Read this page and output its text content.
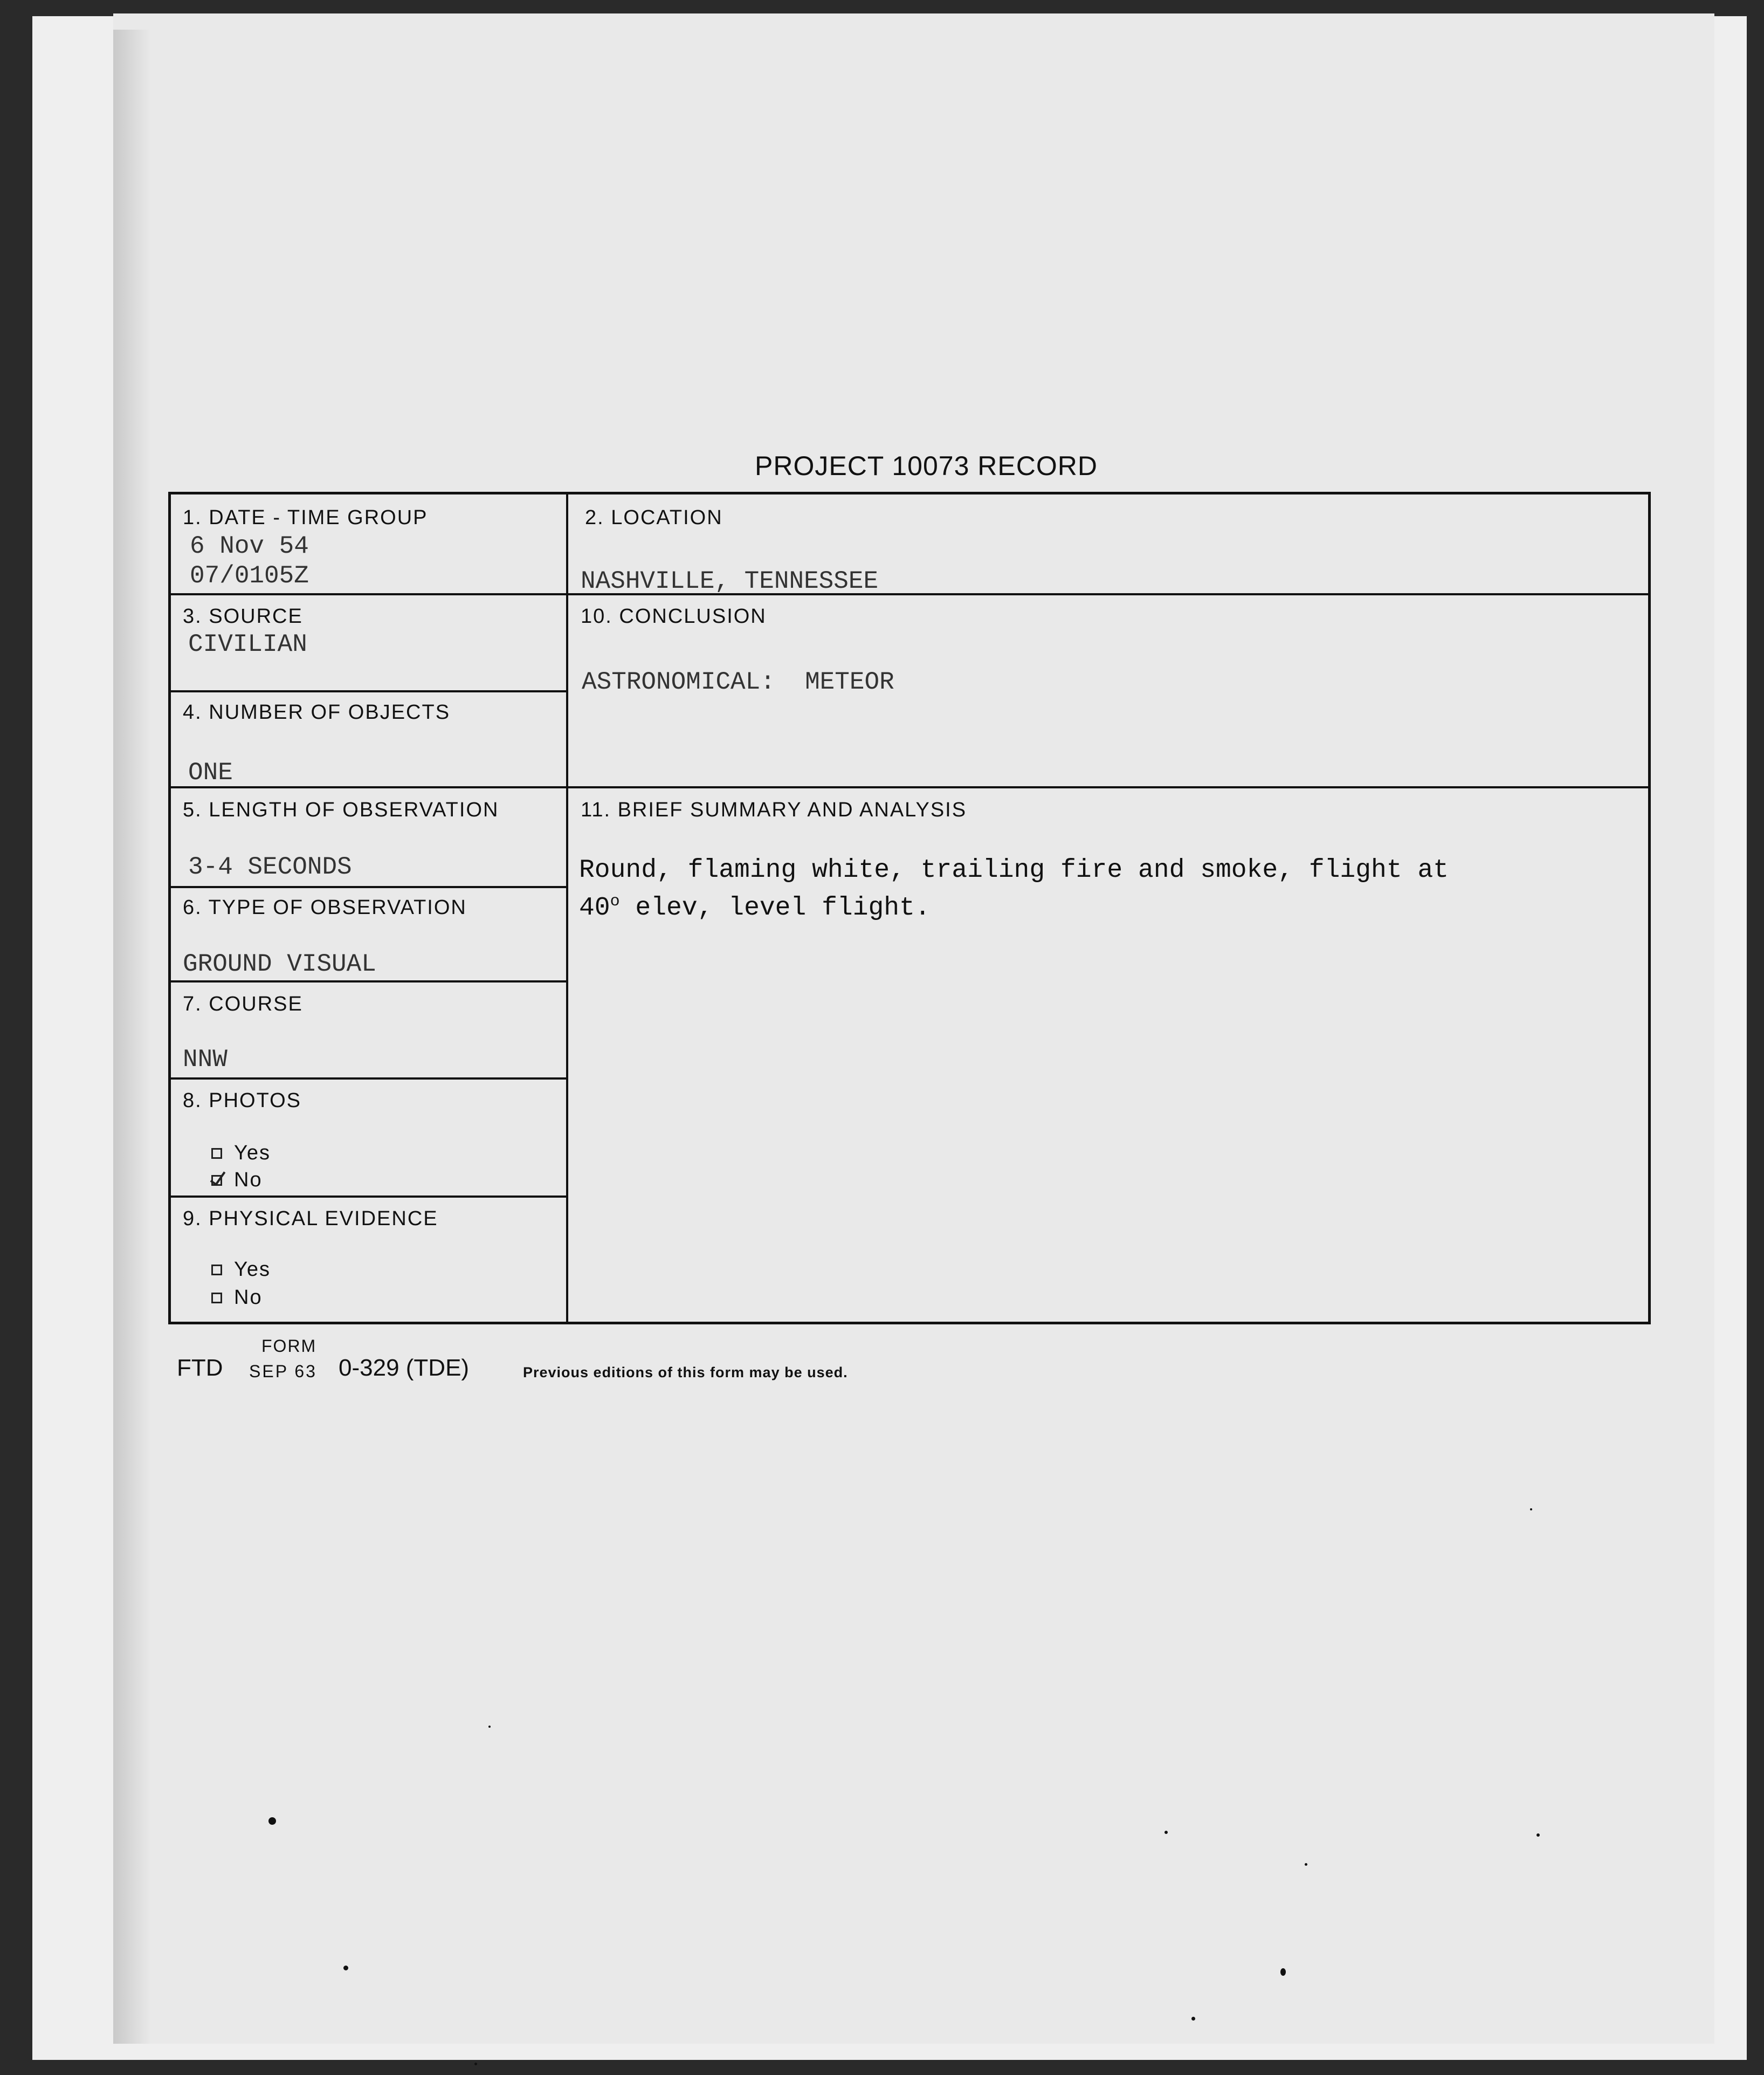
PROJECT 10073 RECORD
1. DATE - TIME GROUP
6 Nov 54
07/0105Z
2. LOCATION
NASHVILLE, TENNESSEE
3. SOURCE
CIVILIAN
10. CONCLUSION
ASTRONOMICAL:  METEOR
4. NUMBER OF OBJECTS
ONE
5. LENGTH OF OBSERVATION
3-4 SECONDS
11. BRIEF SUMMARY AND ANALYSIS
Round, flaming white, trailing fire and smoke, flight at
40$^o$ elev, level flight.
6. TYPE OF OBSERVATION
GROUND VISUAL
7. COURSE
NNW
8. PHOTOS
Yes
No
9. PHYSICAL EVIDENCE
Yes
No
FTD
FORM
SEP 63 0-329 (TDE)	Previous editions of this form may be used.
